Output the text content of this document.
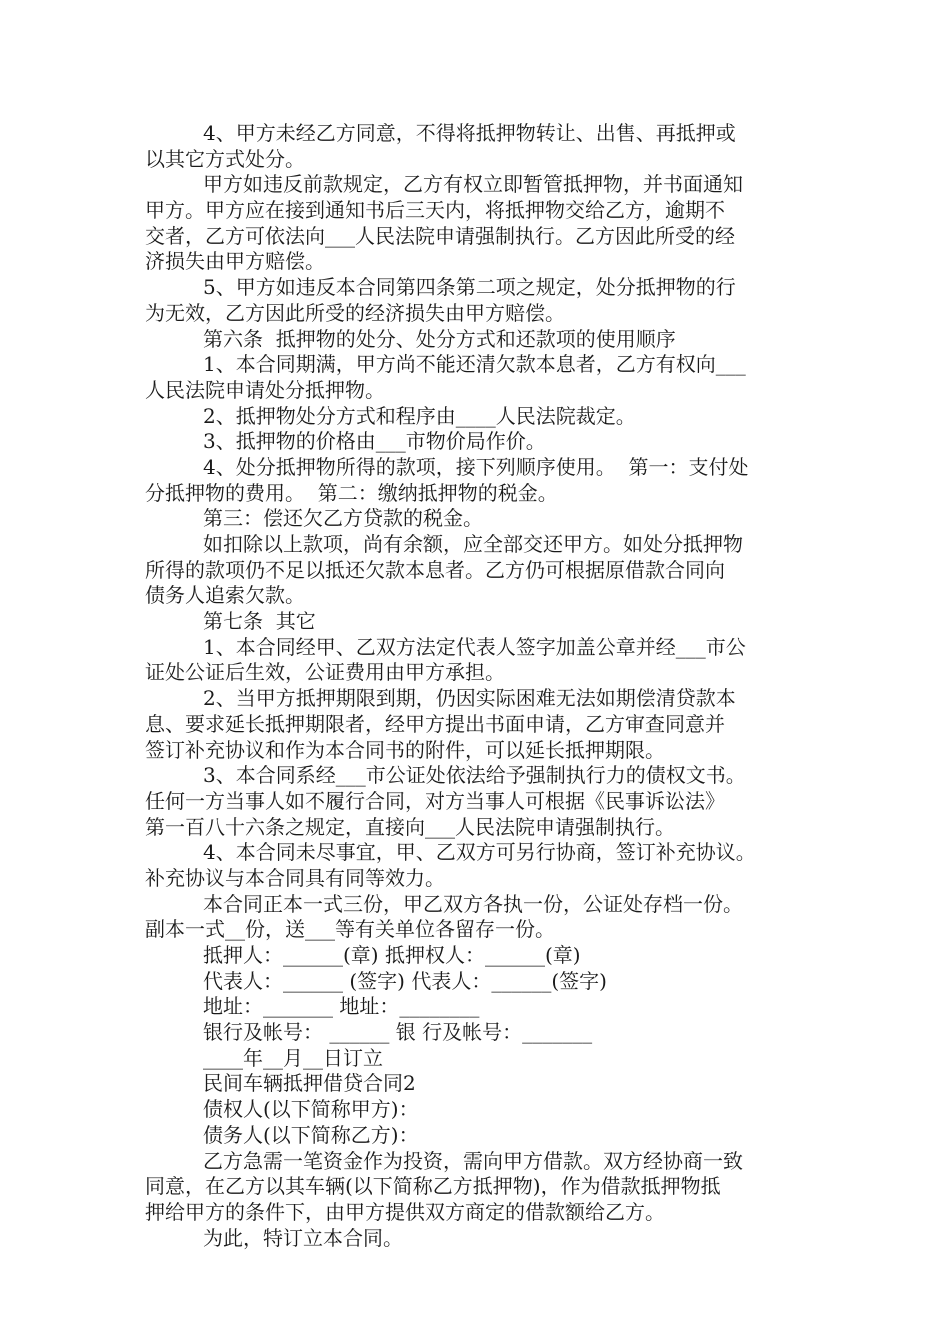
4、甲方未经乙方同意，不得将抵押物转让、出售、再抵押或
以其它方式处分。
甲方如违反前款规定，乙方有权立即暂管抵押物，并书面通知
甲方。甲方应在接到通知书后三天内，将抵押物交给乙方，逾期不
交者，乙方可依法向___人民法院申请强制执行。乙方因此所受的经
济损失由甲方赔偿。
5、甲方如违反本合同第四条第二项之规定，处分抵押物的行
为无效，乙方因此所受的经济损失由甲方赔偿。
第六条  抵押物的处分、处分方式和还款项的使用顺序
1、本合同期满，甲方尚不能还清欠款本息者，乙方有权向___
人民法院申请处分抵押物。
2、抵押物处分方式和程序由____人民法院裁定。
3、抵押物的价格由___市物价局作价。
4、处分抵押物所得的款项，接下列顺序使用。  第一：支付处
分抵押物的费用。  第二：缴纳抵押物的税金。
第三：偿还欠乙方贷款的税金。
如扣除以上款项，尚有余额，应全部交还甲方。如处分抵押物
所得的款项仍不足以抵还欠款本息者。乙方仍可根据原借款合同向
债务人追索欠款。
第七条  其它
1、本合同经甲、乙双方法定代表人签字加盖公章并经___市公
证处公证后生效，公证费用由甲方承担。
2、当甲方抵押期限到期，仍因实际困难无法如期偿清贷款本
息、要求延长抵押期限者，经甲方提出书面申请，乙方审查同意并
签订补充协议和作为本合同书的附件，可以延长抵押期限。
3、本合同系经___市公证处依法给予强制执行力的债权文书。
任何一方当事人如不履行合同，对方当事人可根据《民事诉讼法》
第一百八十六条之规定，直接向___人民法院申请强制执行。
4、本合同未尽事宜，甲、乙双方可另行协商，签订补充协议。
补充协议与本合同具有同等效力。
本合同正本一式三份，甲乙双方各执一份，公证处存档一份。
副本一式__份，送___等有关单位各留存一份。
抵押人：______(章) 抵押权人：______(章)
代表人：______ (签字) 代表人：______(签字)
地址：_______ 地址：________
银行及帐号： ______ 银 行及帐号：_______
____年__月__日订立
民间车辆抵押借贷合同2
债权人(以下简称甲方)：
债务人(以下简称乙方)：
乙方急需一笔资金作为投资，需向甲方借款。双方经协商一致
同意，在乙方以其车辆(以下简称乙方抵押物)，作为借款抵押物抵
押给甲方的条件下，由甲方提供双方商定的借款额给乙方。
为此，特订立本合同。
